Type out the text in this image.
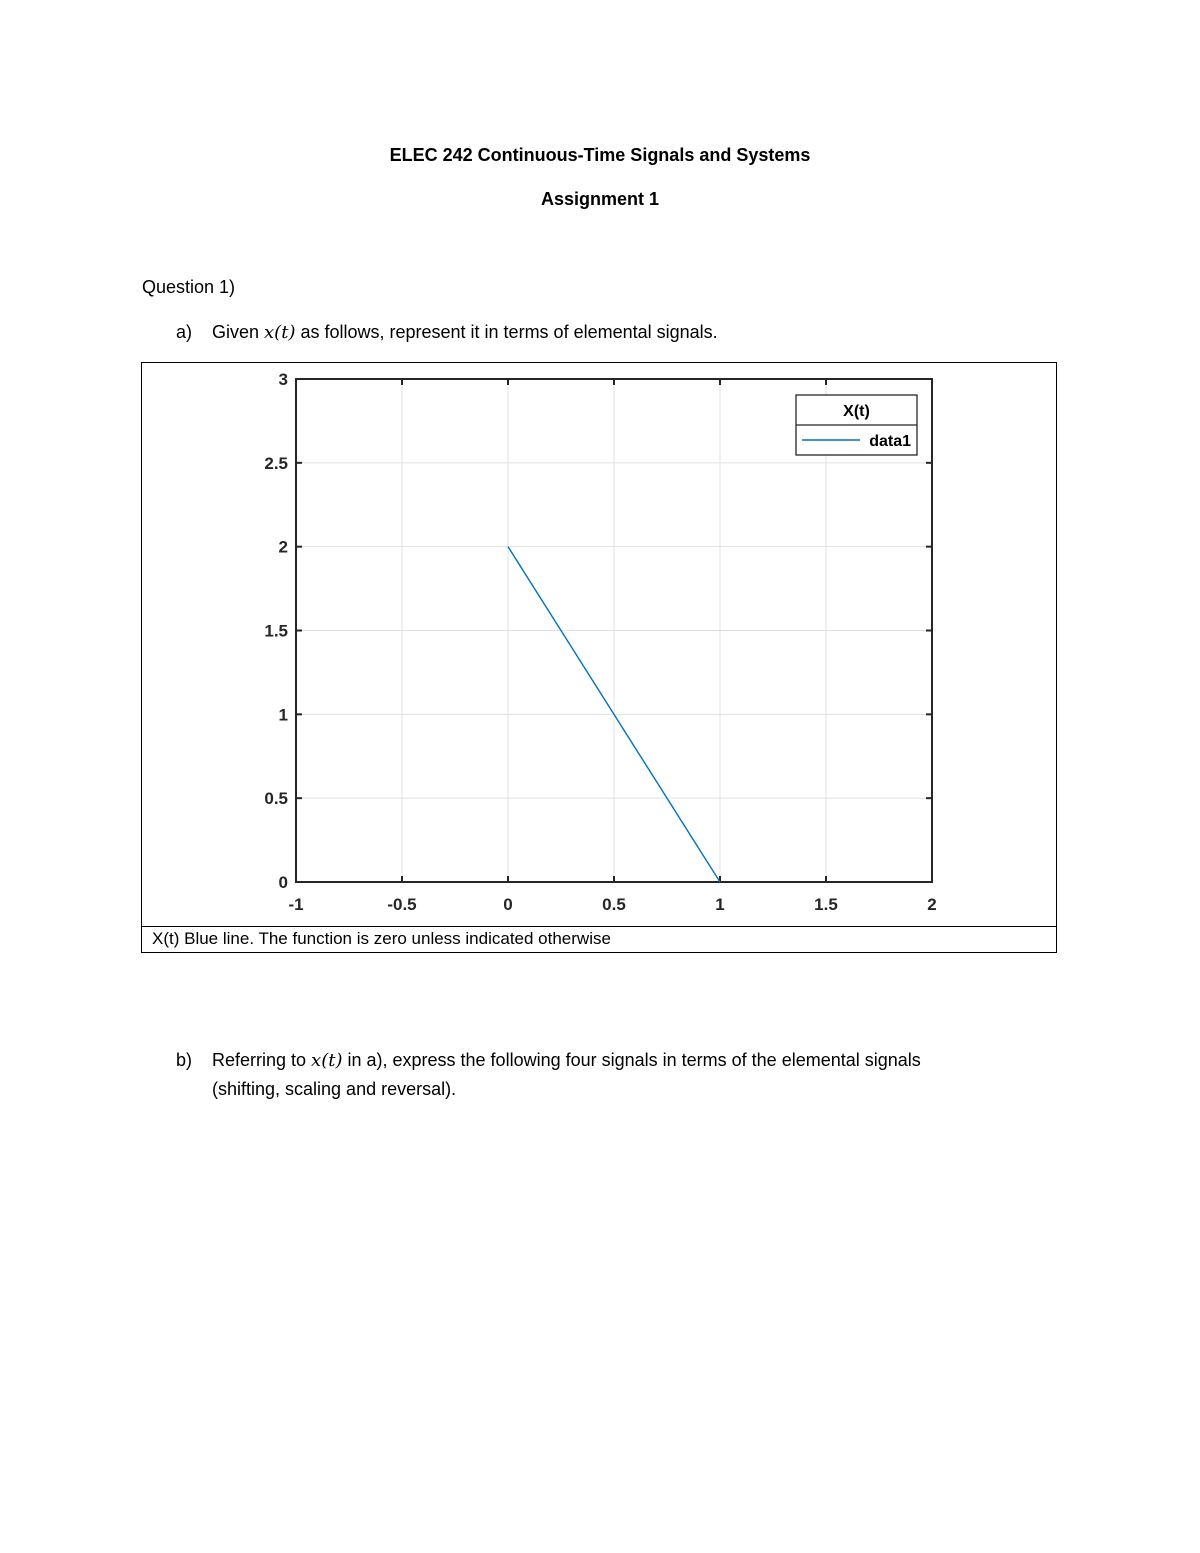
ELEC 242 Continuous-Time Signals and Systems
Assignment 1
Question 1)
a) Given x(t) as follows, represent it in terms of elemental signals.
-1	-0.5	0	0.5	1	1.5	2
0
0.5
1
1.5
2
2.5
3
X(t)
data1
X(t) Blue line. The function is zero unless indicated otherwise
b) Referring to x(t) in a), express the following four signals in terms of the elemental signals
(shifting, scaling and reversal).
